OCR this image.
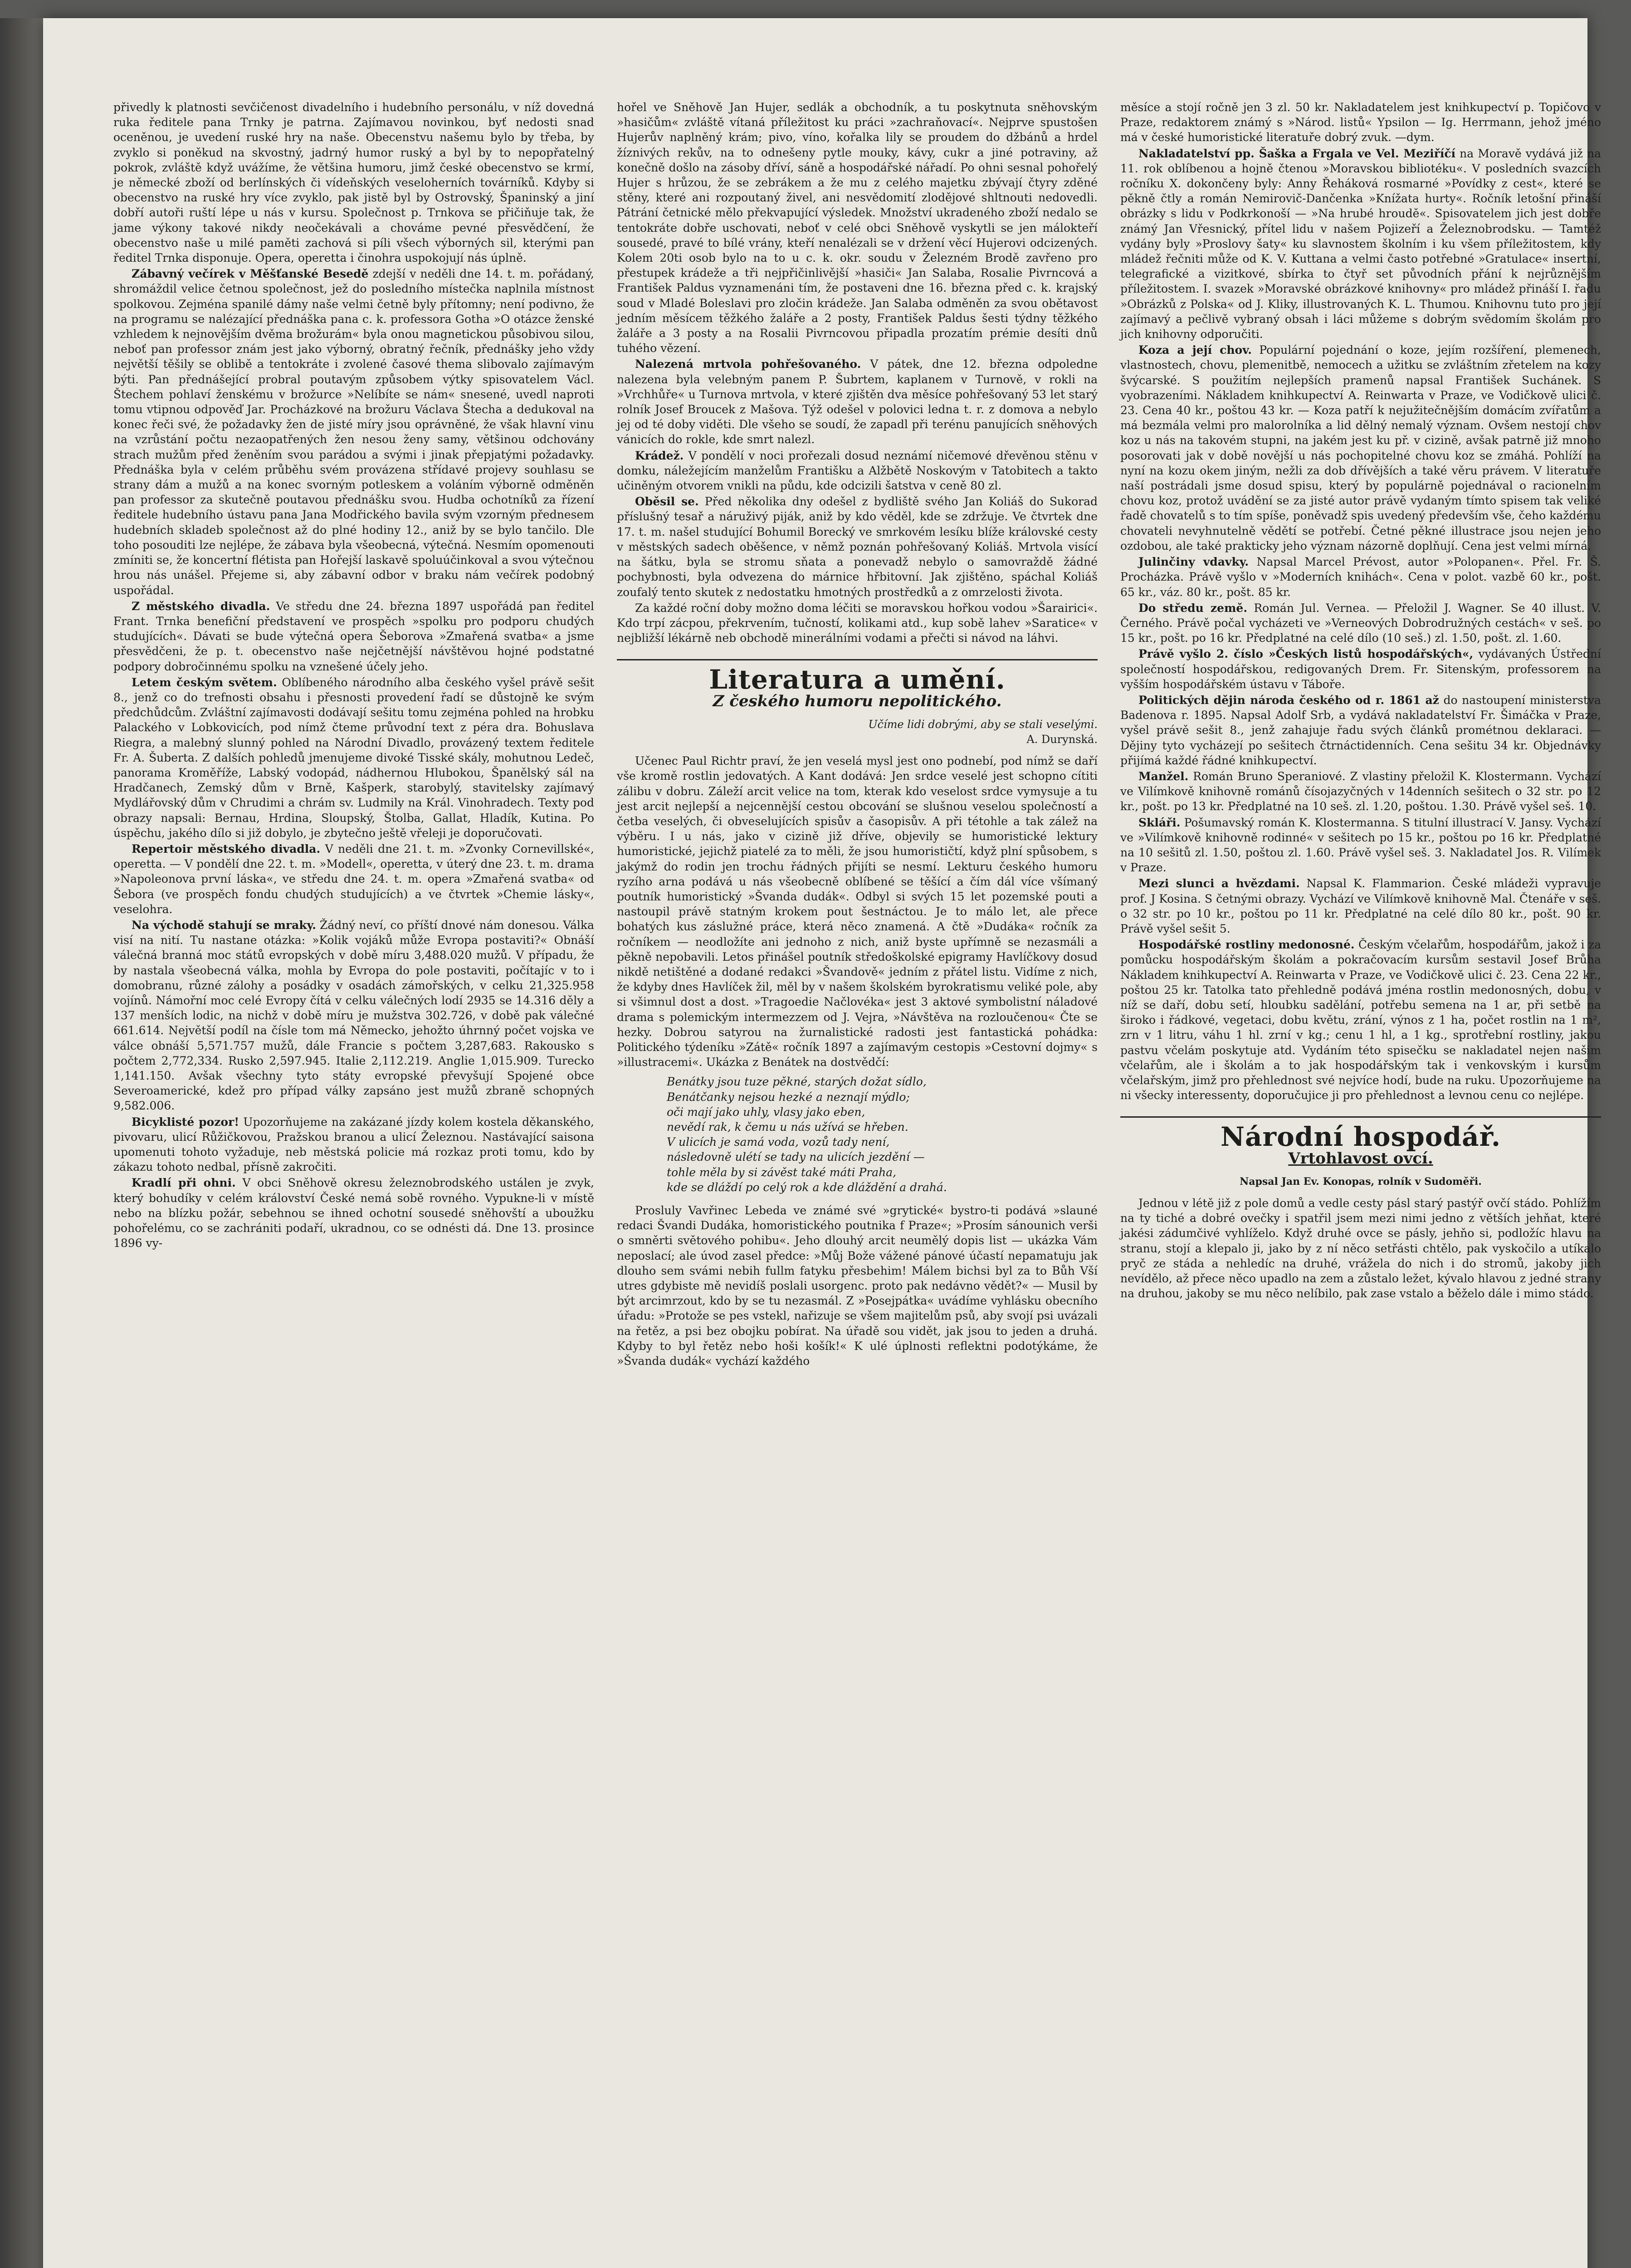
přivedly k platnosti sevčičenost divadelního i hudebního personálu, v níž dovedná ruka ředitele pana Trnky je patrna. Zajímavou novinkou, byť nedosti snad oceněnou, je uvedení ruské hry na naše. Obecenstvu našemu bylo by třeba, by zvyklo si poněkud na skvostný, jadrný humor ruský a byl by to nepopřatelný pokrok, zvláště když uvážíme, že většina humoru, jimž české obecenstvo se krmí, je německé zboží od berlínských či vídeňských veseloherních továrníků. Kdyby si obecenstvo na ruské hry více zvyklo, pak jistě byl by Ostrovský, Španinský a jiní dobří autoři ruští lépe u nás v kursu. Společnost p. Trnkova se přičiňuje tak, že jame výkony takové nikdy neočekávali a chováme pevné přesvědčení, že obecenstvo naše u milé paměti zachová si píli všech výborných sil, kterými pan ředitel Trnka disponuje. Opera, operetta i činohra uspokojují nás úplně.

Zábavný večírek v Měšťanské Besedě zdejší v neděli dne 14. t. m. pořádaný, shromáždil velice četnou společnost, jež do posledního místečka naplnila místnost spolkovou. Zejména spanilé dámy naše velmi četně byly přítomny; není podivno, že na programu se nalézající přednáška pana c. k. professora Gotha »O otázce ženské vzhledem k nejnovějším dvěma brožurám« byla onou magnetickou působivou silou, neboť pan professor znám jest jako výborný, obratný řečník, přednášky jeho vždy největší těšily se oblibě a tentokráte i zvolené časové thema slibovalo zajímavým býti. Pan přednášející probral poutavým způsobem výtky spisovatelem Václ. Štechem pohlaví ženskému v brožurce »Nelíbíte se nám« snesené, uvedl naproti tomu vtipnou odpověď Jar. Procházkové na brožuru Václava Štecha a dedukoval na konec řeči své, že požadavky žen de jisté míry jsou oprávněné, že však hlavní vinu na vzrůstání počtu nezaopatřených žen nesou ženy samy, většinou odchovány strach mužům před ženěním svou parádou a svými i jinak přepjatými požadavky. Přednáška byla v celém průběhu svém provázena střídavé projevy souhlasu se strany dám a mužů a na konec svorným potleskem a voláním výborně odměněn pan professor za skutečně poutavou přednášku svou. Hudba ochotníků za řízení ředitele hudebního ústavu pana Jana Modřického bavila svým vzorným přednesem hudebních skladeb společnost až do plné hodiny 12., aniž by se bylo tančilo. Dle toho posouditi lze nejlépe, že zábava byla všeobecná, výtečná. Nesmím opomenouti zmíniti se, že koncertní flétista pan Hořejší laskavě spoluúčinkoval a svou výtečnou hrou nás unášel. Přejeme si, aby zábavní odbor v braku nám večírek podobný uspořádal.

Z městského divadla. Ve středu dne 24. března 1897 uspořádá pan ředitel Frant. Trnka benefiční představení ve prospěch »spolku pro podporu chudých studujících«. Dávati se bude výtečná opera Šeborova »Zmařená svatba« a jsme přesvědčeni, že p. t. obecenstvo naše nejčetnější návštěvou hojné podstatné podpory dobročinnému spolku na vznešené účely jeho.

Letem českým světem. Oblíbeného národního alba českého vyšel právě sešit 8., jenž co do trefnosti obsahu i přesnosti provedení řadí se důstojně ke svým předchůdcům. Zvláštní zajímavosti dodávají sešitu tomu zejména pohled na hrobku Palackého v Lobkovicích, pod nímž čteme průvodní text z péra dra. Bohuslava Riegra, a malebný slunný pohled na Národní Divadlo, provázený textem ředitele Fr. A. Šuberta. Z dalších pohledů jmenujeme divoké Tisské skály, mohutnou Ledeč, panorama Kroměříže, Labský vodopád, nádhernou Hlubokou, Španělský sál na Hradčanech, Zemský dům v Brně, Kašperk, starobylý, stavitelsky zajímavý Mydlářovský dům v Chrudimi a chrám sv. Ludmily na Král. Vinohradech. Texty pod obrazy napsali: Bernau, Hrdina, Sloupský, Štolba, Gallat, Hladík, Kutina. Po úspěchu, jakého dílo si již dobylo, je zbytečno ještě vřeleji je doporučovati.

Repertoir městského divadla. V neděli dne 21. t. m. »Zvonky Cornevillské«, operetta. — V pondělí dne 22. t. m. »Modell«, operetta, v úterý dne 23. t. m. drama »Napoleonova první láska«, ve středu dne 24. t. m. opera »Zmařená svatba« od Šebora (ve prospěch fondu chudých studujících) a ve čtvrtek »Chemie lásky«, veselohra.

Na východě stahují se mraky. Žádný neví, co příští dnové nám donesou. Válka visí na nití. Tu nastane otázka: »Kolik vojáků může Evropa postaviti?« Obnáší válečná branná moc států evropských v době míru 3,488.020 mužů. V případu, že by nastala všeobecná válka, mohla by Evropa do pole postaviti, počítajíc v to i domobranu, různé zálohy a posádky v osadách zámořských, v celku 21,325.958 vojínů. Námořní moc celé Evropy čítá v celku válečných lodí 2935 se 14.316 děly a 137 menších lodic, na nichž v době míru je mužstva 302.726, v době pak válečné 661.614. Největší podíl na čísle tom má Německo, jehožto úhrnný počet vojska ve válce obnáší 5,571.757 mužů, dále Francie s počtem 3,287,683. Rakousko s počtem 2,772,334. Rusko 2,597.945. Italie 2,112.219. Anglie 1,015.909. Turecko 1,141.150. Avšak všechny tyto státy evropské převyšují Spojené obce Severoamerické, kdež pro případ války zapsáno jest mužů zbraně schopných 9,582.006.

Bicyklisté pozor! Upozorňujeme na zakázané jízdy kolem kostela děkanského, pivovaru, ulicí Růžičkovou, Pražskou branou a ulicí Železnou. Nastávající saisona upomenuti tohoto vyžaduje, neb městská policie má rozkaz proti tomu, kdo by zákazu tohoto nedbal, přísně zakročiti.

Kradlí při ohni. V obci Sněhově okresu železnobrodského ustálen je zvyk, který bohudíky v celém království České nemá sobě rovného. Vypukne-li v místě nebo na blízku požár, sebehnou se ihned ochotní sousedé sněhovští a uboužku pohořelému, co se zachrániti podaří, ukradnou, co se odnésti dá. Dne 13. prosince 1896 vy-

hořel ve Sněhově Jan Hujer, sedlák a obchodník, a tu poskytnuta sněhovským »hasičům« zvláště vítaná příležitost ku práci »zachraňovací«. Nejprve spustošen Hujerův naplněný krám; pivo, víno, kořalka lily se proudem do džbánů a hrdel žíznivých rekův, na to odnešeny pytle mouky, kávy, cukr a jiné potraviny, až konečně došlo na zásoby dříví, sáně a hospodářské nářadí. Po ohni sesnal pohořelý Hujer s hrůzou, že se zebrákem a že mu z celého majetku zbývají čtyry zděné stěny, které ani rozpoutaný živel, ani nesvědomití zlodějové shltnouti nedovedli. Pátrání četnické mělo překvapující výsledek. Množství ukradeného zboží nedalo se tentokráte dobře uschovati, neboť v celé obci Sněhově vyskytli se jen málokteří sousedé, pravé to bílé vrány, kteří nenalézali se v držení věcí Hujerovi odcizených. Kolem 20ti osob bylo na to u c. k. okr. soudu v Železném Brodě zavřeno pro přestupek krádeže a tři nejpřičinlivější »hasiči« Jan Salaba, Rosalie Pivrncová a František Paldus vyznamenáni tím, že postaveni dne 16. března před c. k. krajský soud v Mladé Boleslavi pro zločin krádeže. Jan Salaba odměněn za svou obětavost jedním měsícem těžkého žaláře a 2 posty, František Paldus šesti týdny těžkého žaláře a 3 posty a na Rosalii Pivrncovou připadla prozatím prémie desíti dnů tuhého vězení.

Nalezená mrtvola pohřešovaného. V pátek, dne 12. března odpoledne nalezena byla velebným panem P. Šubrtem, kaplanem v Turnově, v rokli na »Vrchhůře« u Turnova mrtvola, v které zjištěn dva měsíce pohřešovaný 53 let starý rolník Josef Broucek z Mašova. Týž odešel v polovici ledna t. r. z domova a nebylo jej od té doby viděti. Dle všeho se soudí, že zapadl při terénu panujících sněhových vánicích do rokle, kde smrt nalezl.

Krádež. V pondělí v noci prořezali dosud neznámí ničemové dřevěnou stěnu v domku, náležejícím manželům Františku a Alžbětě Noskovým v Tatobitech a takto učiněným otvorem vnikli na půdu, kde odcizili šatstva v ceně 80 zl.

Oběsil se. Před několika dny odešel z bydliště svého Jan Koliáš do Sukorad příslušný tesař a náruživý piják, aniž by kdo věděl, kde se zdržuje. Ve čtvrtek dne 17. t. m. našel studující Bohumil Borecký ve smrkovém lesíku blíže královské cesty v městských sadech oběšence, v němž poznán pohřešovaný Koliáš. Mrtvola visící na šátku, byla se stromu sňata a ponevadž nebylo o samovraždě žádné pochybnosti, byla odvezena do márnice hřbitovní. Jak zjištěno, spáchal Koliáš zoufalý tento skutek z nedostatku hmotných prostředků a z omrzelosti života.

Za každé roční doby možno doma léčiti se moravskou hořkou vodou »Šarairici«. Kdo trpí zácpou, překrvením, tučností, kolikami atd., kup sobě lahev »Saratice« v nejbližší lékárně neb obchodě minerálními vodami a přečti si návod na láhvi.

Literatura a umění.
Z českého humoru nepolitického.
Učíme lidi dobrými, aby se stali veselými.
A. Durynská.

Učenec Paul Richtr praví, že jen veselá mysl jest ono podnebí, pod nímž se daří vše kromě rostlin jedovatých. A Kant dodává: Jen srdce veselé jest schopno cítiti zálibu v dobru. Záleží arcit velice na tom, kterak kdo veselost srdce vymysuje a tu jest arcit nejlepší a nejcennější cestou obcování se slušnou veselou společností a četba veselých, či obveselujících spisův a časopisův. A při tétohle a tak zálež na výběru. I u nás, jako v cizině již dříve, objevily se humoristické lektury humoristické, jejichž piatelé za to měli, že jsou humorističtí, když plní spůsobem, s jakýmž do rodin jen trochu řádných přijíti se nesmí. Lekturu českého humoru ryzího arna podává u nás všeobecně oblíbené se těšící a čím dál více všímaný poutník humoristický »Švanda dudák«. Odbyl si svých 15 let pozemské pouti a nastoupil právě statným krokem pout šestnáctou. Je to málo let, ale přece bohatých kus záslužné práce, která něco znamená. A čtě »Dudáka« ročník za ročníkem — neodložíte ani jednoho z nich, aniž byste upřímně se nezasmáli a pěkně nepobavili. Letos přinášel poutník středoškolské epigramy Havlíčkovy dosud nikdě netištěné a dodané redakci »Švandově« jedním z přátel listu. Vidíme z nich, že kdyby dnes Havlíček žil, měl by v našem školském byrokratismu veliké pole, aby si všimnul dost a dost. »Tragoedie Načlovéka« jest 3 aktové symbolistní náladové drama s polemickým intermezzem od J. Vejra, »Návštěva na rozloučenou« Čte se hezky. Dobrou satyrou na žurnalistické radosti jest fantastická pohádka: Politického týdeníku »Zátě« ročník 1897 a zajímavým cestopis »Cestovní dojmy« s »illustracemi«. Ukázka z Benátek na dostvědčí:

Benátky jsou tuze pěkné, starých dožat sídlo,
Benátčanky nejsou hezké a neznají mýdlo;
oči mají jako uhly, vlasy jako eben,
nevědí rak, k čemu u nás užívá se hřeben.
V ulicích je samá voda, vozů tady není,
následovně ulétí se tady na ulicích jezdění —
tohle měla by si závěst také máti Praha,
kde se dláždí po celý rok a kde dláždění a drahá.

Prosluly Vavřinec Lebeda ve známé své »grytické« bystro-ti podává »slauné redaci Švandi Dudáka, homoristického poutnika f Praze«; »Prosím sánounich verši o smněrti světového pohibu«. Jeho dlouhý arcit neumělý dopis list — ukázka Vám neposlací; ale úvod zasel předce: »Můj Bože vážené pánové účastí nepamatuju jak dlouho sem svámi nebih fullm fatyku přesbehim! Málem bichsi byl za to Bůh Vší utres gdybiste mě nevidíš poslali usorgenc. proto pak nedávno vědět?« — Musil by být arcimrzout, kdo by se tu nezasmál. Z »Posejpátka« uvádíme vyhlásku obecního úřadu: »Protože se pes vstekl, nařizuje se všem majitelům psů, aby svojí psi uvázali na řetěz, a psi bez obojku pobírat. Na úřadě sou vidět, jak jsou to jeden a druhá. Kdyby to byl řetěz nebo hoši košík!« K ulé úplnosti reflektni podotýkáme, že »Švanda dudák« vychází každého

měsíce a stojí ročně jen 3 zl. 50 kr. Nakladatelem jest knihkupectví p. Topičovo v Praze, redaktorem známý s »Národ. listů« Ypsilon — Ig. Herrmann, jehož jméno má v české humoristické literatuře dobrý zvuk. —dym.

Nakladatelství pp. Šaška a Frgala ve Vel. Meziříčí na Moravě vydává již na 11. rok oblíbenou a hojně čtenou »Moravskou bibliotéku«. V posledních svazcích ročníku X. dokončeny byly: Anny Řeháková rosmarné »Povídky z cest«, které se pěkně čtly a román Nemirovič-Dančenka »Knížata hurty«. Ročník letošní přináší obrázky s lidu v Podkrkonoší — »Na hrubé hroudě«. Spisovatelem jich jest dobře známý Jan Vřesnický, přítel lidu v našem Pojizeří a Železnobrodsku. — Tamtéž vydány byly »Proslovy šaty« ku slavnostem školním i ku všem příležitostem, kdy mládež řečniti může od K. V. Kuttana a velmi často potřebné »Gratulace« insertní, telegrafické a vizitkové, sbírka to čtyř set původních přání k nejrůznějším příležitostem. I. svazek »Moravské obrázkové knihovny« pro mládež přináší I. řadu »Obrázků z Polska« od J. Kliky, illustrovaných K. L. Thumou. Knihovnu tuto pro její zajímavý a pečlivě vybraný obsah i láci můžeme s dobrým svědomím školám pro jich knihovny odporučiti.

Koza a její chov. Populární pojednání o koze, jejím rozšíření, plemenech, vlastnostech, chovu, plemenitbě, nemocech a užitku se zvláštním zřetelem na kozy švýcarské. S použitím nejlepších pramenů napsal František Suchánek. S vyobrazeními. Nákladem knihkupectví A. Reinwarta v Praze, ve Vodičkově ulici č. 23. Cena 40 kr., poštou 43 kr. — Koza patří k nejužitečnějším domácím zvířatům a má bezmála velmi pro malorolníka a lid dělný nemalý význam. Ovšem nestojí chov koz u nás na takovém stupni, na jakém jest ku př. v cizině, avšak patrně již mnoho posorovati jak v době novější u nás pochopitelné chovu koz se zmáhá. Pohlíží na nyní na kozu okem jiným, nežli za dob dřívějších a také věru právem. V literatuře naší postrádali jsme dosud spisu, který by populárně pojednával o racionelním chovu koz, protož uvádění se za jisté autor právě vydaným tímto spisem tak veliké řadě chovatelů s to tím spíše, poněvadž spis uvedený především vše, čeho každému chovateli nevyhnutelně vědětí se potřebí. Četné pěkné illustrace jsou nejen jeho ozdobou, ale také prakticky jeho význam názorně doplňují. Cena jest velmi mírná.

Julinčiny vdavky. Napsal Marcel Prévost, autor »Polopanen«. Přel. Fr. Š. Procházka. Právě vyšlo v »Moderních knihách«. Cena v polot. vazbě 60 kr., pošt. 65 kr., váz. 80 kr., pošt. 85 kr.

Do středu země. Román Jul. Vernea. — Přeložil J. Wagner. Se 40 illust. V. Černého. Právě počal vycházeti ve »Verneových Dobrodružných cestách« v seš. po 15 kr., pošt. po 16 kr. Předplatné na celé dílo (10 seš.) zl. 1.50, pošt. zl. 1.60.

Právě vyšlo 2. číslo »Českých listů hospodářských«, vydávaných Ústřední společností hospodářskou, redigovaných Drem. Fr. Sitenským, professorem na vyšším hospodářském ústavu v Táboře.

Politických dějin národa českého od r. 1861 až do nastoupení ministerstva Badenova r. 1895. Napsal Adolf Srb, a vydává nakladatelství Fr. Šimáčka v Praze, vyšel právě sešit 8., jenž zahajuje řadu svých článků prométnou deklaraci. — Dějiny tyto vycházejí po sešitech čtrnáctidenních. Cena sešitu 34 kr. Objednávky přijímá každé řádné knihkupectví.

Manžel. Román Bruno Speraniové. Z vlastiny přeložil K. Klostermann. Vychází ve Vilímkově knihovně románů čísojazyčných v 14denních sešitech o 32 str. po 12 kr., pošt. po 13 kr. Předplatné na 10 seš. zl. 1.20, poštou. 1.30. Právě vyšel seš. 10.

Skláři. Pošumavský román K. Klostermanna. S titulní illustrací V. Jansy. Vychází ve »Vilímkově knihovně rodinné« v sešitech po 15 kr., poštou po 16 kr. Předplatné na 10 sešitů zl. 1.50, poštou zl. 1.60. Právě vyšel seš. 3. Nakladatel Jos. R. Vilímek v Praze.

Mezi slunci a hvězdami. Napsal K. Flammarion. České mládeži vypravuje prof. J Kosina. S četnými obrazy. Vychází ve Vilímkově knihovně Mal. Čtenáře v seš. o 32 str. po 10 kr., poštou po 11 kr. Předplatné na celé dílo 80 kr., pošt. 90 kr. Právě vyšel sešit 5.

Hospodářské rostliny medonosné. Českým včelařům, hospodářům, jakož i za pomůcku hospodářským školám a pokračovacím kursům sestavil Josef Brůha Nákladem knihkupectví A. Reinwarta v Praze, ve Vodičkově ulici č. 23. Cena 22 kr., poštou 25 kr. Tatolka tato přehledně podává jména rostlin medonosných, dobu, v níž se daří, dobu setí, hloubku sadělání, potřebu semena na 1 ar, při setbě na široko i řádkové, vegetaci, dobu květu, zrání, výnos z 1 ha, počet rostlin na 1 m², zrn v 1 litru, váhu 1 hl. zrní v kg.; cenu 1 hl, a 1 kg., sprotřební rostliny, jakou pastvu včelám poskytuje atd. Vydáním této spisečku se nakladatel nejen našim včelařům, ale i školám a to jak hospodářským tak i venkovským i kursům včelařským, jimž pro přehlednost své nejvíce hodí, bude na ruku. Upozorňujeme na ni všecky interessenty, doporučujice ji pro přehlednost a levnou cenu co nejlépe.

Národní hospodář.
Vrtohlavost ovcí.
Napsal Jan Ev. Konopas, rolník v Sudoměři.

Jednou v létě již z pole domů a vedle cesty pásl starý pastýř ovčí stádo. Pohlížím na ty tiché a dobré ovečky i spatřil jsem mezi nimi jedno z větších jehňat, které jakési zádumčivé vyhlíželo. Když druhé ovce se pásly, jehňo si, podložíc hlavu na stranu, stojí a klepalo ji, jako by z ní něco setřásti chtělo, pak vyskočilo a utíkalo pryč ze stáda a nehledíc na druhé, vrážela do nich i do stromů, jakoby jich nevídělo, až přece něco upadlo na zem a zůstalo ležet, kývalo hlavou z jedné strany na druhou, jakoby se mu něco nelíbilo, pak zase vstalo a běželo dále i mimo stádo.
